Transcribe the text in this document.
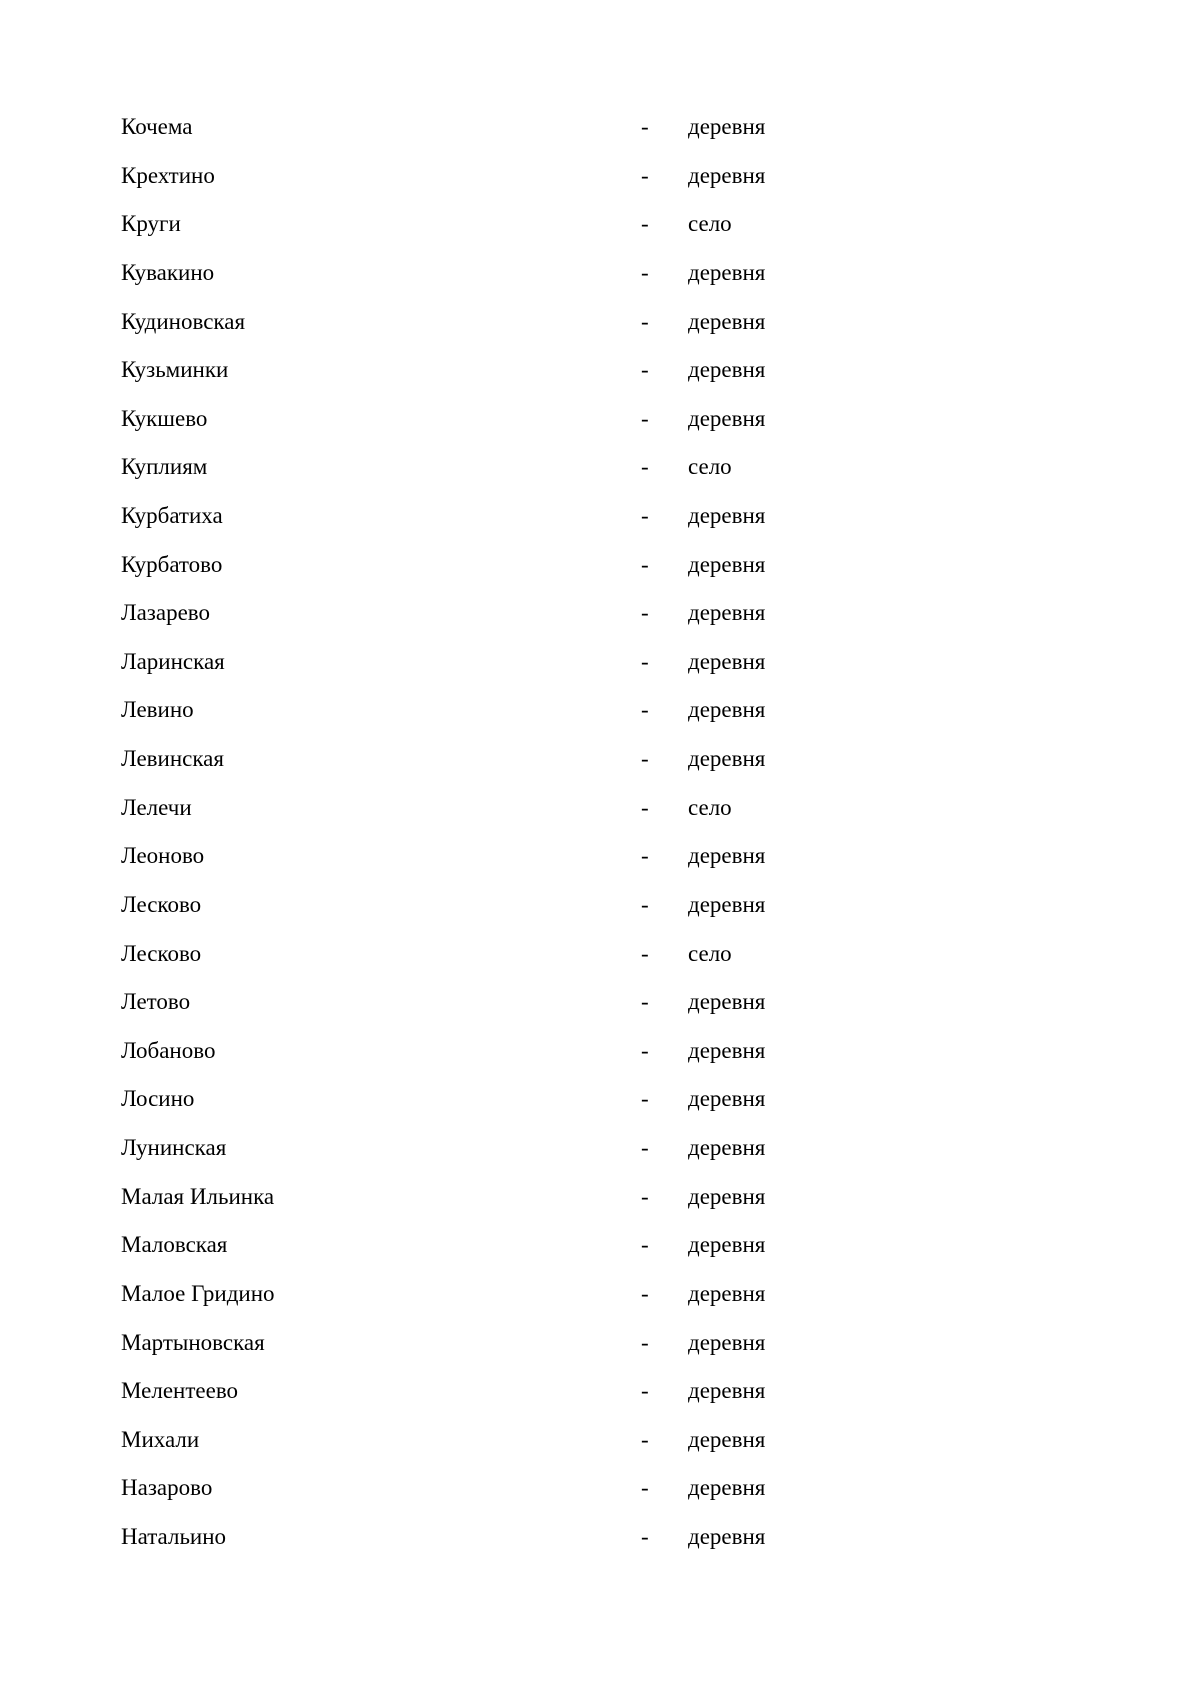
Кочема	- деревня
Крехтино	- деревня
Круги	- село
Кувакино	- деревня
Кудиновская	- деревня
Кузьминки	- деревня
Кукшево	- деревня
Куплиям	- село
Курбатиха	- деревня
Курбатово	- деревня
Лазарево	- деревня
Ларинская	- деревня
Левино	- деревня
Левинская	- деревня
Лелечи	- село
Леоново	- деревня
Лесково	- деревня
Лесково	- село
Летово	- деревня
Лобаново	- деревня
Лосино	- деревня
Лунинская	- деревня
Малая Ильинка	- деревня
Маловская	- деревня
Малое Гридино	- деревня
Мартыновская	- деревня
Мелентеево	- деревня
Михали	- деревня
Назарово	- деревня
Натальино	- деревня
